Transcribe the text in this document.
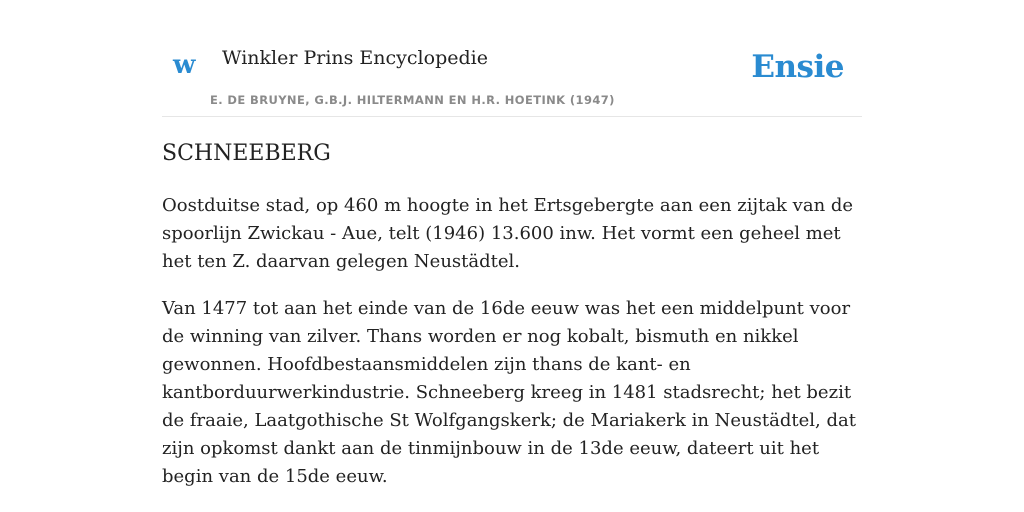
w Winkler Prins Encyclopedie
E. DE BRUYNE, G.B.J. HILTERMANN EN H.R. HOETINK (1947)
Ensie
SCHNEEBERG

Oostduitse stad, op 460 m hoogte in het Ertsgebergte aan een zijtak van de spoorlijn Zwickau - Aue, telt (1946) 13.600 inw. Het vormt een geheel met het ten Z. daarvan gelegen Neustädtel.

Van 1477 tot aan het einde van de 16de eeuw was het een middelpunt voor de winning van zilver. Thans worden er nog kobalt, bismuth en nikkel gewonnen. Hoofdbestaansmiddelen zijn thans de kant- en kantborduurwerkindustrie. Schneeberg kreeg in 1481 stadsrecht; het bezit de fraaie, Laatgothische St Wolfgangskerk; de Mariakerk in Neustädtel, dat zijn opkomst dankt aan de tinmijnbouw in de 13de eeuw, dateert uit het begin van de 15de eeuw.
